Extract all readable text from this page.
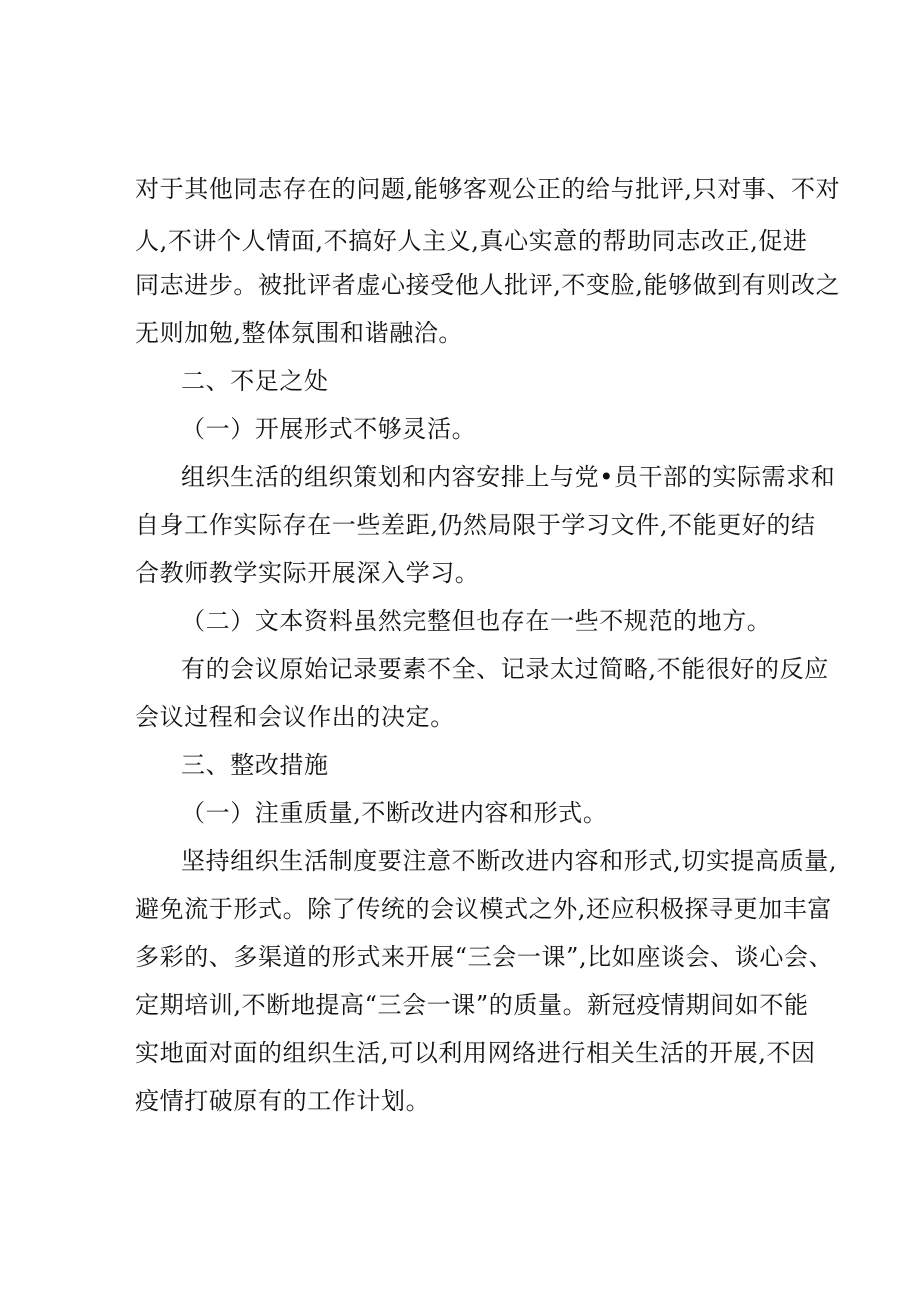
对于其他同志存在的问题,能够客观公正的给与批评,只对事、不对
人,不讲个人情面,不搞好人主义,真心实意的帮助同志改正,促进
同志进步。被批评者虚心接受他人批评,不变脸,能够做到有则改之
无则加勉,整体氛围和谐融洽。
二、不足之处
（一）开展形式不够灵活。
组织生活的组织策划和内容安排上与党•员干部的实际需求和
自身工作实际存在一些差距,仍然局限于学习文件,不能更好的结
合教师教学实际开展深入学习。
（二）文本资料虽然完整但也存在一些不规范的地方。
有的会议原始记录要素不全、记录太过简略,不能很好的反应
会议过程和会议作出的决定。
三、整改措施
（一）注重质量,不断改进内容和形式。
坚持组织生活制度要注意不断改进内容和形式,切实提高质量,
避免流于形式。除了传统的会议模式之外,还应积极探寻更加丰富
多彩的、多渠道的形式来开展“三会一课”,比如座谈会、谈心会、
定期培训,不断地提高“三会一课”的质量。新冠疫情期间如不能
实地面对面的组织生活,可以利用网络进行相关生活的开展,不因
疫情打破原有的工作计划。
